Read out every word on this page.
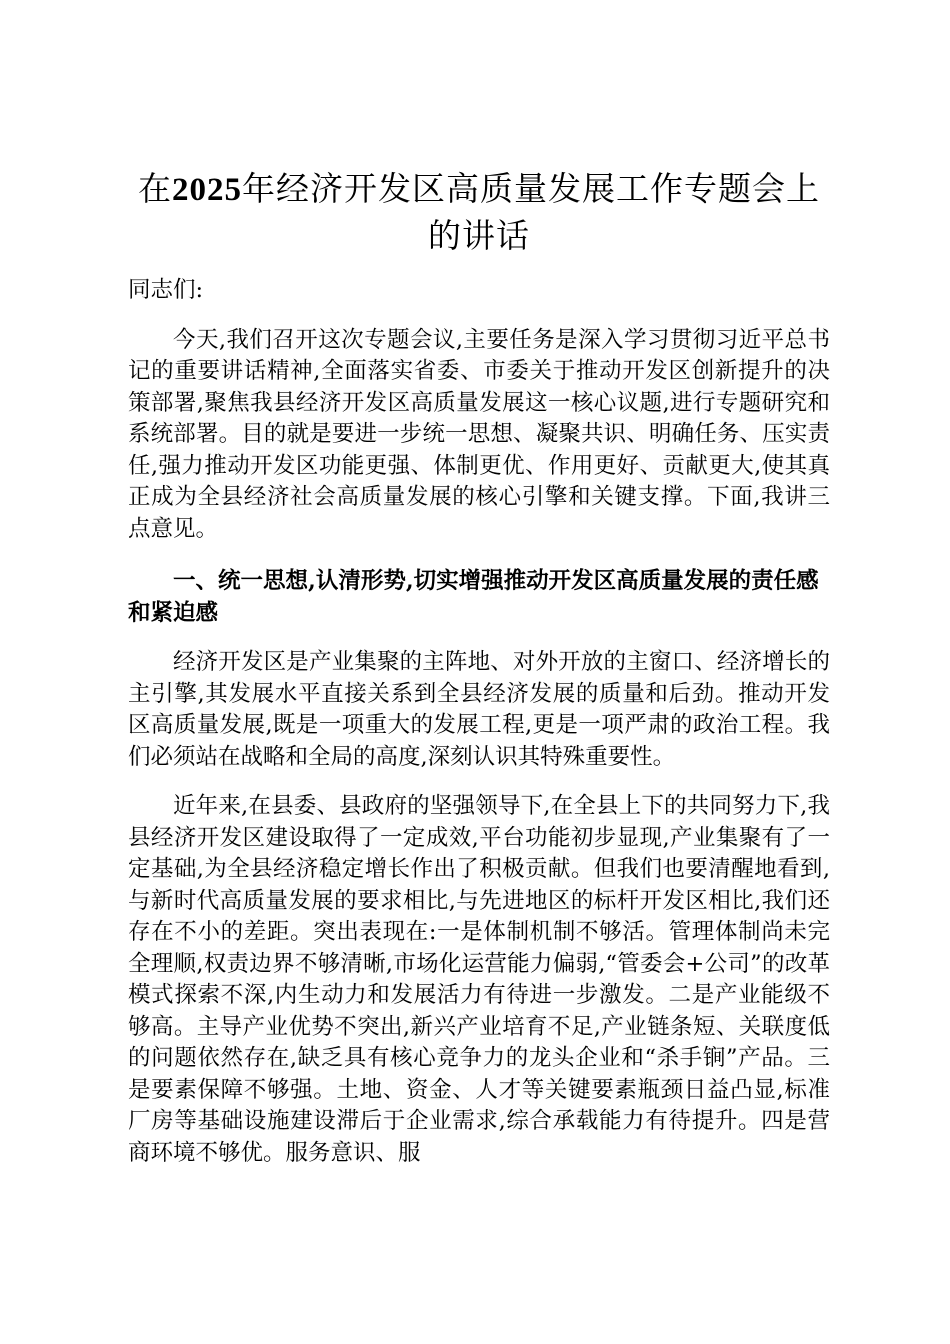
在2025年经济开发区高质量发展工作专题会上的讲话

同志们:

今天,我们召开这次专题会议,主要任务是深入学习贯彻习近平总书记的重要讲话精神,全面落实省委、市委关于推动开发区创新提升的决策部署,聚焦我县经济开发区高质量发展这一核心议题,进行专题研究和系统部署。目的就是要进一步统一思想、凝聚共识、明确任务、压实责任,强力推动开发区功能更强、体制更优、作用更好、贡献更大,使其真正成为全县经济社会高质量发展的核心引擎和关键支撑。下面,我讲三点意见。

一、统一思想,认清形势,切实增强推动开发区高质量发展的责任感和紧迫感

经济开发区是产业集聚的主阵地、对外开放的主窗口、经济增长的主引擎,其发展水平直接关系到全县经济发展的质量和后劲。推动开发区高质量发展,既是一项重大的发展工程,更是一项严肃的政治工程。我们必须站在战略和全局的高度,深刻认识其特殊重要性。

近年来,在县委、县政府的坚强领导下,在全县上下的共同努力下,我县经济开发区建设取得了一定成效,平台功能初步显现,产业集聚有了一定基础,为全县经济稳定增长作出了积极贡献。但我们也要清醒地看到,与新时代高质量发展的要求相比,与先进地区的标杆开发区相比,我们还存在不小的差距。突出表现在:一是体制机制不够活。管理体制尚未完全理顺,权责边界不够清晰,市场化运营能力偏弱,“管委会+公司”的改革模式探索不深,内生动力和发展活力有待进一步激发。二是产业能级不够高。主导产业优势不突出,新兴产业培育不足,产业链条短、关联度低的问题依然存在,缺乏具有核心竞争力的龙头企业和“杀手锏”产品。三是要素保障不够强。土地、资金、人才等关键要素瓶颈日益凸显,标准厂房等基础设施建设滞后于企业需求,综合承载能力有待提升。四是营商环境不够优。服务意识、服
